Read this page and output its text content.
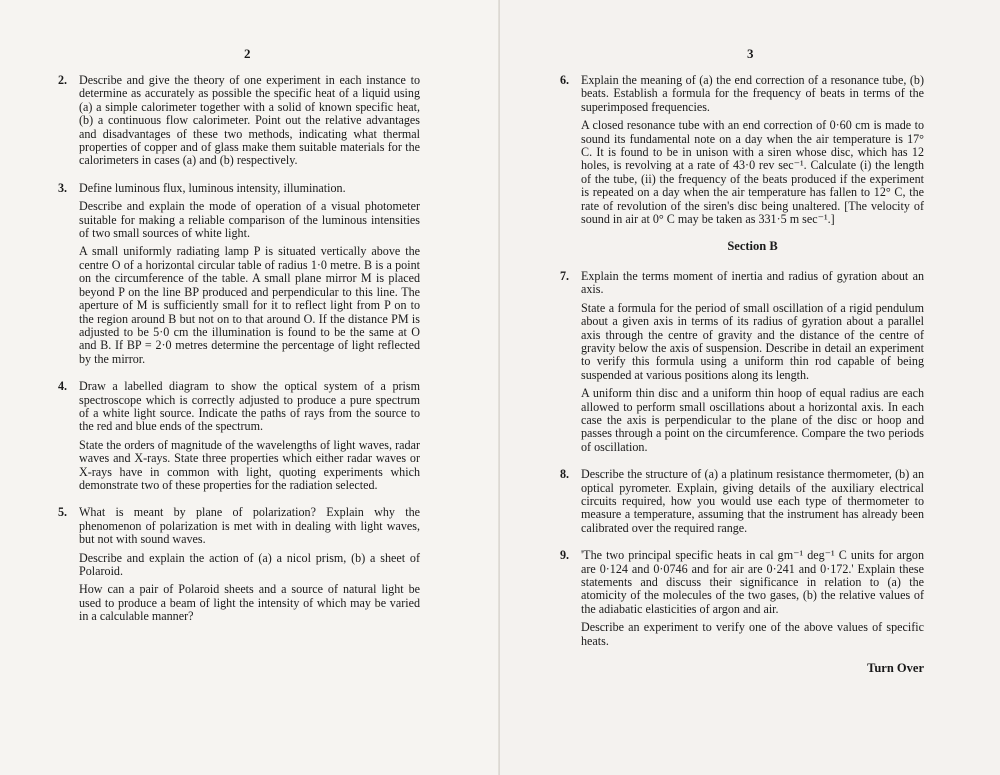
2
2. Describe and give the theory of one experiment in each instance to determine as accurately as possible the specific heat of a liquid using (a) a simple calorimeter together with a solid of known specific heat, (b) a continuous flow calorimeter. Point out the relative advantages and disadvantages of these two methods, indicating what thermal properties of copper and of glass make them suitable materials for the calorimeters in cases (a) and (b) respectively.

3. Define luminous flux, luminous intensity, illumination.

Describe and explain the mode of operation of a visual photometer suitable for making a reliable comparison of the luminous intensities of two small sources of white light.

A small uniformly radiating lamp P is situated vertically above the centre O of a horizontal circular table of radius 1·0 metre. B is a point on the circumference of the table. A small plane mirror M is placed beyond P on the line BP produced and perpendicular to this line. The aperture of M is sufficiently small for it to reflect light from P on to the region around B but not on to that around O. If the distance PM is adjusted to be 5·0 cm the illumination is found to be the same at O and B. If BP = 2·0 metres determine the percentage of light reflected by the mirror.

4. Draw a labelled diagram to show the optical system of a prism spectroscope which is correctly adjusted to produce a pure spectrum of a white light source. Indicate the paths of rays from the source to the red and blue ends of the spectrum.

State the orders of magnitude of the wavelengths of light waves, radar waves and X-rays. State three properties which either radar waves or X-rays have in common with light, quoting experiments which demonstrate two of these properties for the radiation selected.

5. What is meant by plane of polarization? Explain why the phenomenon of polarization is met with in dealing with light waves, but not with sound waves.

Describe and explain the action of (a) a nicol prism, (b) a sheet of Polaroid.

How can a pair of Polaroid sheets and a source of natural light be used to produce a beam of light the intensity of which may be varied in a calculable manner?

3
6. Explain the meaning of (a) the end correction of a resonance tube, (b) beats. Establish a formula for the frequency of beats in terms of the superimposed frequencies.

A closed resonance tube with an end correction of 0·60 cm is made to sound its fundamental note on a day when the air temperature is 17° C. It is found to be in unison with a siren whose disc, which has 12 holes, is revolving at a rate of 43·0 rev sec⁻¹. Calculate (i) the length of the tube, (ii) the frequency of the beats produced if the experiment is repeated on a day when the air temperature has fallen to 12° C, the rate of revolution of the siren's disc being unaltered. [The velocity of sound in air at 0° C may be taken as 331·5 m sec⁻¹.]

Section B
7. Explain the terms moment of inertia and radius of gyration about an axis.

State a formula for the period of small oscillation of a rigid pendulum about a given axis in terms of its radius of gyration about a parallel axis through the centre of gravity and the distance of the centre of gravity below the axis of suspension. Describe in detail an experiment to verify this formula using a uniform thin rod capable of being suspended at various positions along its length.

A uniform thin disc and a uniform thin hoop of equal radius are each allowed to perform small oscillations about a horizontal axis. In each case the axis is perpendicular to the plane of the disc or hoop and passes through a point on the circumference. Compare the two periods of oscillation.

8. Describe the structure of (a) a platinum resistance thermometer, (b) an optical pyrometer. Explain, giving details of the auxiliary electrical circuits required, how you would use each type of thermometer to measure a temperature, assuming that the instrument has already been calibrated over the required range.

9. 'The two principal specific heats in cal gm⁻¹ deg⁻¹ C units for argon are 0·124 and 0·0746 and for air are 0·241 and 0·172.' Explain these statements and discuss their significance in relation to (a) the atomicity of the molecules of the two gases, (b) the relative values of the adiabatic elasticities of argon and air.

Describe an experiment to verify one of the above values of specific heats.

Turn Over
